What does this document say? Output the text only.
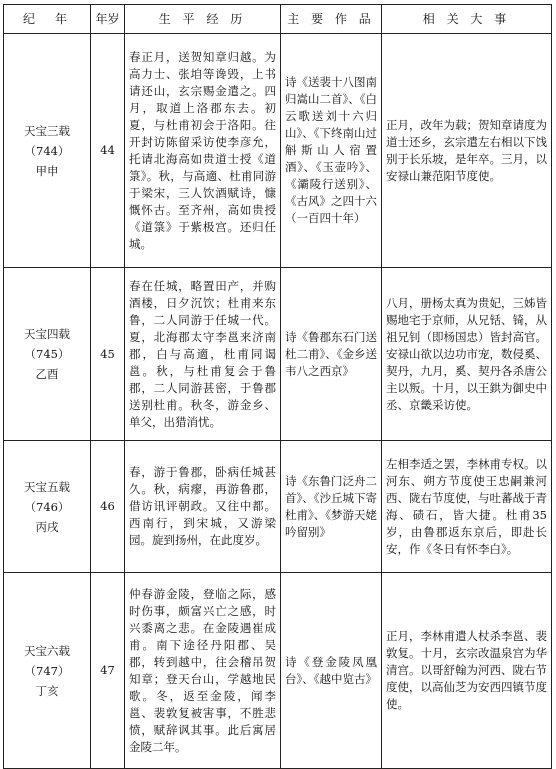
纪　年	年岁	生 平 经 历	主 要 作 品	相 关 大 事

天宝三载
（744）
甲申	44	春正月，送贺知章归越。为高力士、张垍等谗毁，上书请还山，玄宗赐金遣之。四月，取道上洛郡东去。初夏，与杜甫初会于洛阳。往开封访陈留采访使李彦允，托请北海高如贵道士授《道箓》。秋，与高適、杜甫同游于梁宋，三人饮酒赋诗，慷慨怀古。至齐州，高如贵授《道箓》于紫极宫。还归任城。	诗《送裴十八图南归嵩山二首》、《白云歌送刘十六归山》、《下终南山过斛斯山人宿置酒》、《玉壶吟》、《灞陵行送别》、《古风》之四十六（一百四十年）	正月，改年为载；贺知章请度为道士还乡，玄宗遣左右相以下饯别于长乐坡，是年卒。三月，以安禄山兼范阳节度使。

天宝四载
（745）
乙酉	45	春在任城，略置田产，并购酒楼，日夕沉饮；杜甫来东鲁，二人同游于任城一代。夏，北海郡太守李邕来济南郡，白与高適，杜甫同谒邕。秋，与杜甫复会于鲁郡，二人同游甚密，于鲁郡送别杜甫。秋冬，游金乡、单父，出猎消忧。	诗《鲁郡东石门送杜二甫》、《金乡送韦八之西京》	八月，册杨太真为贵妃，三姊皆赐地宅于京师，从兄铦、锜，从祖兄钊（即杨国忠）皆封高官。安禄山欲以边功市宠，数侵奚、契丹，九月，奚、契丹各杀唐公主以叛。十月，以王鉷为御史中丞、京畿采访使。

天宝五载
（746）
丙戌	46	春，游于鲁郡，卧病任城甚久。秋，病瘳，再游鲁郡，借访讯评朝政。又往中都。西南行，到宋城，又游梁园。旋到扬州，在此度岁。	诗《东鲁门泛舟二首》、《沙丘城下寄杜甫》、《梦游天姥吟留别》	左相李适之罢，李林甫专权。以河东、朔方节度使王忠嗣兼河西、陇右节度使，与吐蕃战于青海、碛石，皆大捷。杜甫35岁，由鲁郡返东京后，即赴长安，作《冬日有怀李白》。

天宝六载
（747）
丁亥	47	仲春游金陵，登临之际，感时伤事，颇富兴亡之感，时兴黍离之悲。在金陵遇崔成甫。南下途径丹阳郡、吴郡，转到越中，往会稽吊贺知章；登天台山，学越地民歌。冬，返至金陵，闻李邕、裴敦复被害事，不胜悲愤，赋辞讽其事。此后寓居金陵二年。	诗《登金陵凤凰台》、《越中览古》	正月，李林甫遣人杖杀李邕、裴敦复。十月，玄宗改温泉宫为华清宫。以哥舒翰为河西、陇右节度使，以高仙芝为安西四镇节度使。
